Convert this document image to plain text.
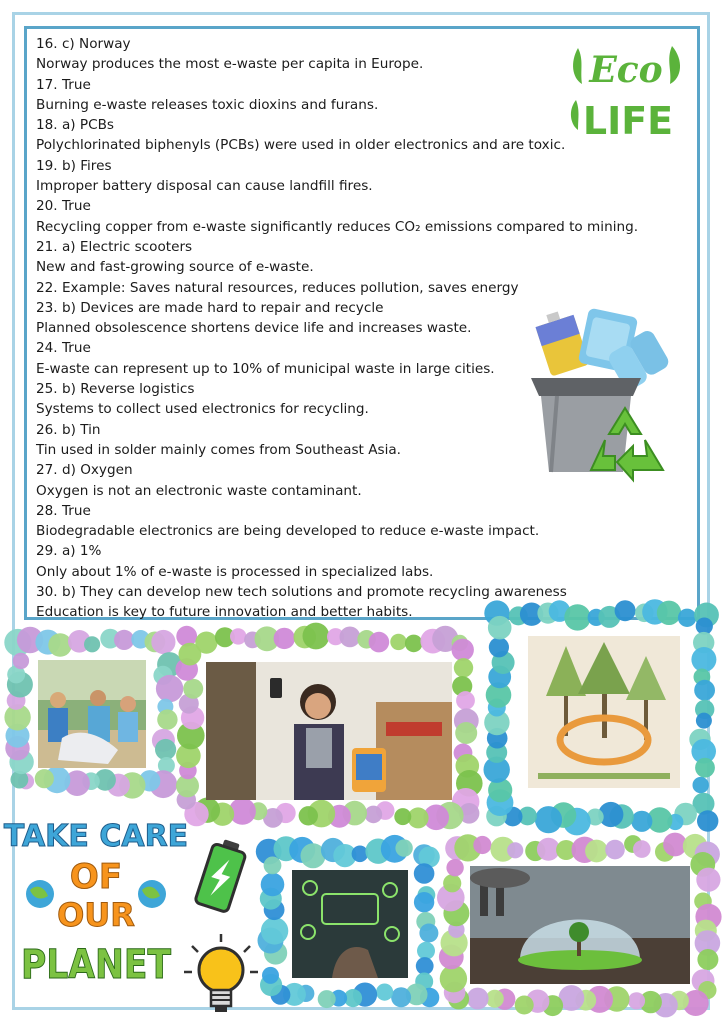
16. c) Norway
Norway produces the most e-waste per capita in Europe.
17. True
Burning e-waste releases toxic dioxins and furans.
18. a) PCBs
Polychlorinated biphenyls (PCBs) were used in older electronics and are toxic.
19. b) Fires
Improper battery disposal can cause landfill fires.
20. True
Recycling copper from e-waste significantly reduces CO₂ emissions compared to mining.
21. a) Electric scooters
New and fast-growing source of e-waste.
22. Example: Saves natural resources, reduces pollution, saves energy
23. b) Devices are made hard to repair and recycle
Planned obsolescence shortens device life and increases waste.
24. True
E-waste can represent up to 10% of municipal waste in large cities.
25. b) Reverse logistics
Systems to collect used electronics for recycling.
26. b) Tin
Tin used in solder mainly comes from Southeast Asia.
27. d) Oxygen
Oxygen is not an electronic waste contaminant.
28. True
Biodegradable electronics are being developed to reduce e-waste impact.
29. a) 1%
Only about 1% of e-waste is processed in specialized labs.
30. b) They can develop new tech solutions and promote recycling awareness
Education is key to future innovation and better habits.
Eco
LIFE
TAKE CARE
OF
OUR
PLANET
